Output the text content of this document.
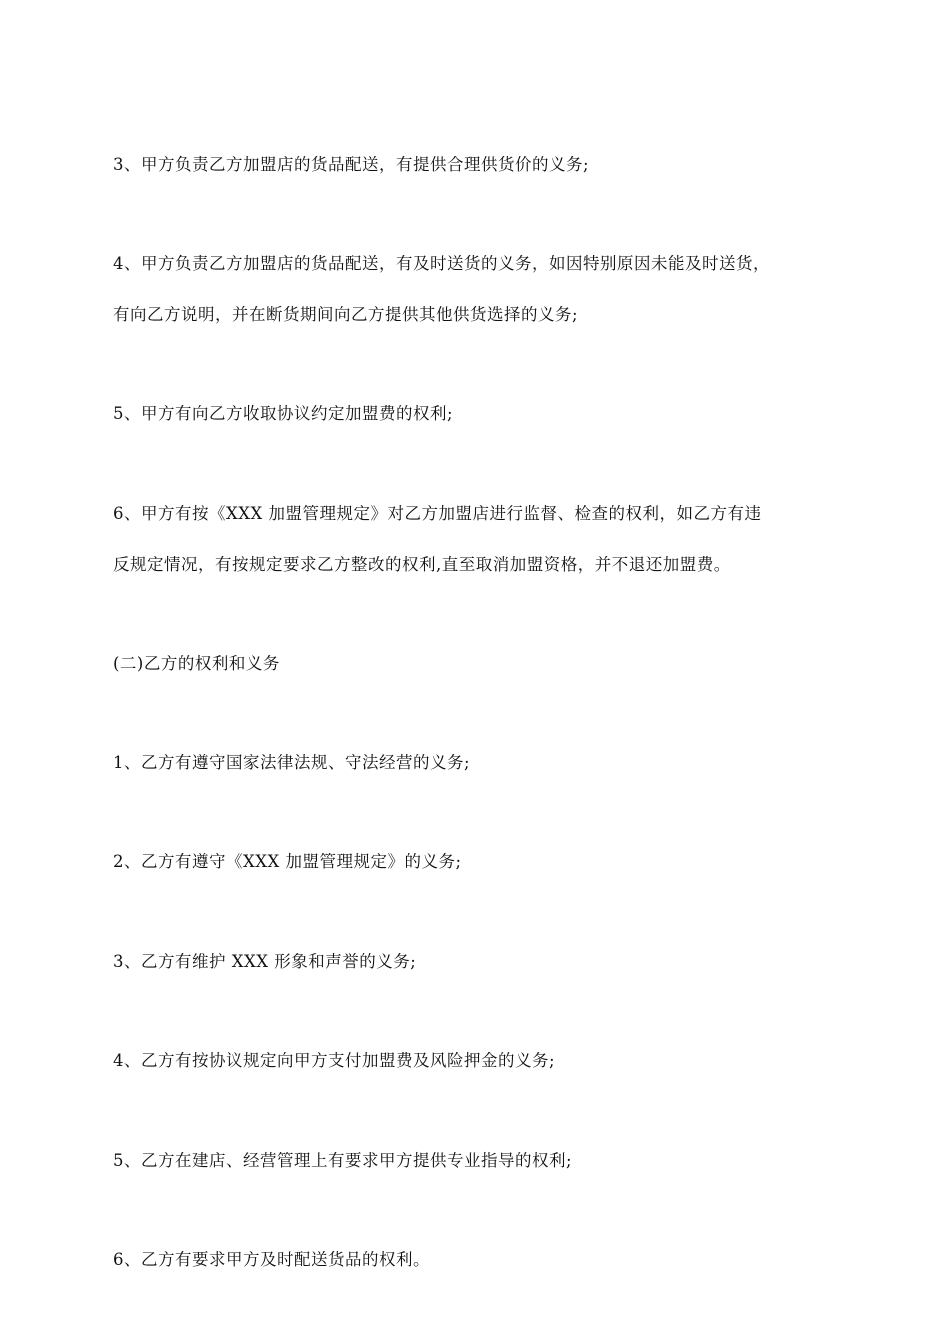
3、甲方负责乙方加盟店的货品配送，有提供合理供货价的义务;

4、甲方负责乙方加盟店的货品配送，有及时送货的义务，如因特别原因未能及时送货，
有向乙方说明，并在断货期间向乙方提供其他供货选择的义务;

5、甲方有向乙方收取协议约定加盟费的权利;

6、甲方有按《XXX 加盟管理规定》对乙方加盟店进行监督、检查的权利，如乙方有违
反规定情况，有按规定要求乙方整改的权利,直至取消加盟资格，并不退还加盟费。

(二)乙方的权利和义务

1、乙方有遵守国家法律法规、守法经营的义务;

2、乙方有遵守《XXX 加盟管理规定》的义务;

3、乙方有维护 XXX 形象和声誉的义务;

4、乙方有按协议规定向甲方支付加盟费及风险押金的义务;

5、乙方在建店、经营管理上有要求甲方提供专业指导的权利;

6、乙方有要求甲方及时配送货品的权利。
